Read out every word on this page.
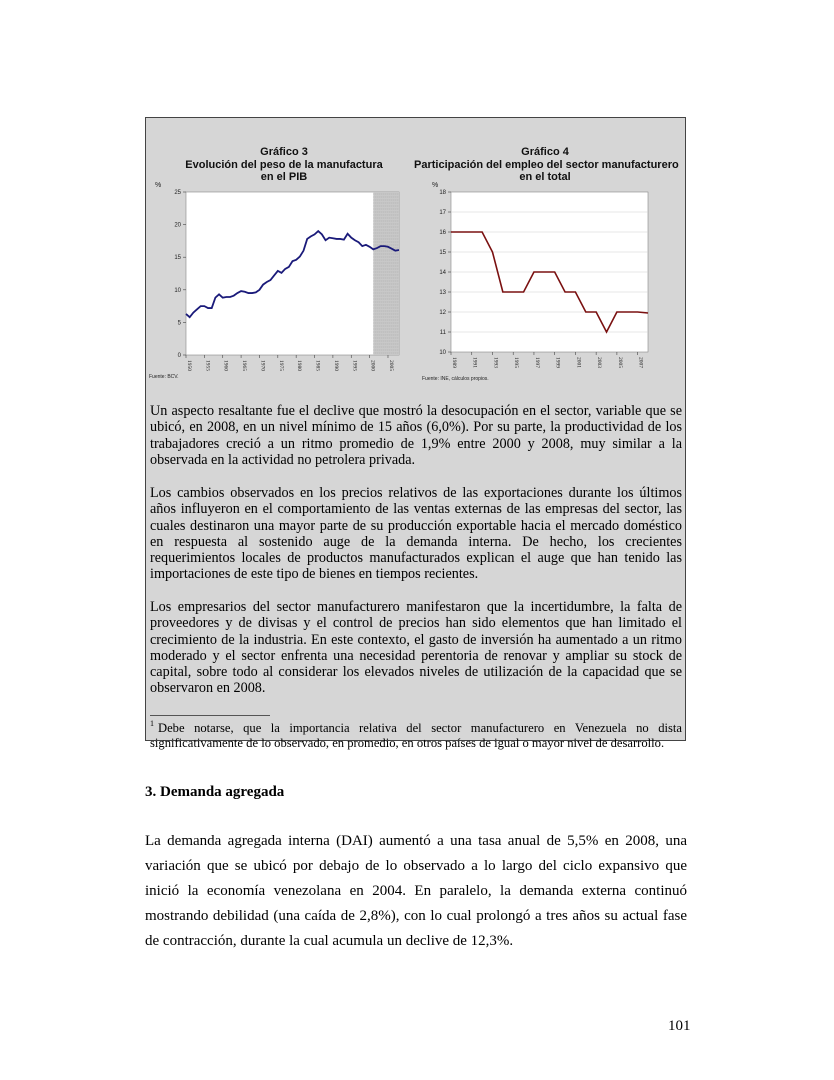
Gráfico 3
Evolución del peso de la manufactura
en el PIB
%
0
5
10
15
20
25
1950 1955 1960 1965 1970 1975 1980 1985 1990 1995 2000 2005
10
11
12
13
14
15
16
17
18
1989	1991	1993	1995	1997	1999	2001	2003	2005	2007
Fuente: BCV.
Gráfico 4
Participación del empleo del sector manufacturero
en el total
%
Fuente: INE, cálculos propios.
Un aspecto resaltante fue el declive que mostró la desocupación en el sector, variable que se ubicó, en 2008, en un nivel mínimo de 15 años (6,0%). Por su parte, la productividad de los trabajadores creció a un ritmo promedio de 1,9% entre 2000 y 2008, muy similar a la observada en la actividad no petrolera privada.
Los cambios observados en los precios relativos de las exportaciones durante los últimos años influyeron en el comportamiento de las ventas externas de las empresas del sector, las cuales destinaron una mayor parte de su producción exportable hacia el mercado doméstico en respuesta al sostenido auge de la demanda interna. De hecho, los crecientes requerimientos locales de productos manufacturados explican el auge que han tenido las importaciones de este tipo de bienes en tiempos recientes.
Los empresarios del sector manufacturero manifestaron que la incertidumbre, la falta de proveedores y de divisas y el control de precios han sido elementos que han limitado el crecimiento de la industria. En este contexto, el gasto de inversión ha aumentado a un ritmo moderado y el sector enfrenta una necesidad perentoria de renovar y ampliar su stock de capital, sobre todo al considerar los elevados niveles de utilización de la capacidad que se observaron en 2008.
$^1$ Debe notarse, que la importancia relativa del sector manufacturero en Venezuela no dista significativamente de lo observado, en promedio, en otros países de igual o mayor nivel de desarrollo.
3. Demanda agregada
La demanda agregada interna (DAI) aumentó a una tasa anual de 5,5% en 2008, una variación que se ubicó por debajo de lo observado a lo largo del ciclo expansivo que inició la economía venezolana en 2004. En paralelo, la demanda externa continuó mostrando debilidad (una caída de 2,8%), con lo cual prolongó a tres años su actual fase de contracción, durante la cual acumula un declive de 12,3%.
101
